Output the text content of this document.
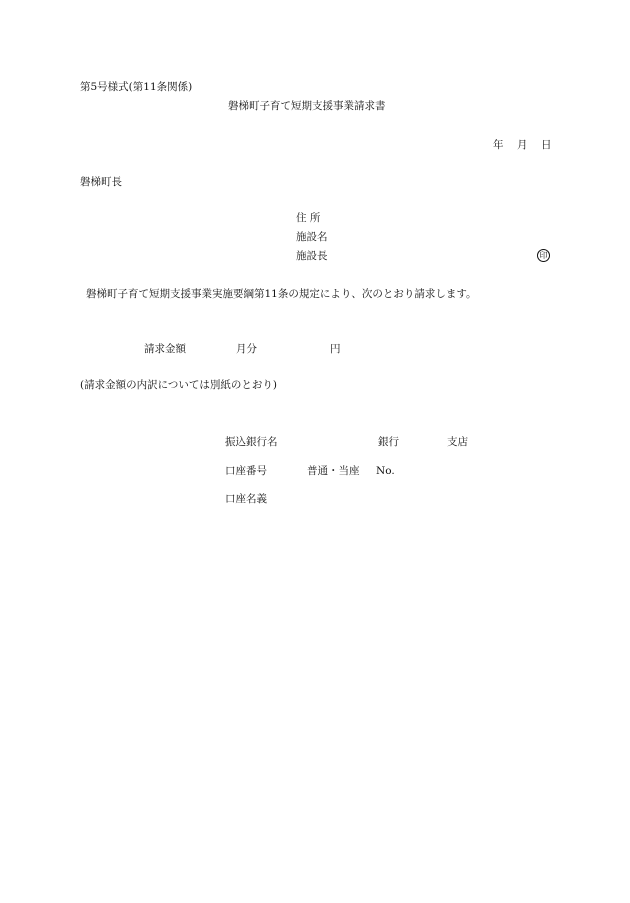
第5号様式(第11条関係)
磐梯町子育て短期支援事業請求書
年 月 日
磐梯町長
住 所
施設名
施設長	印
磐梯町子育て短期支援事業実施要綱第11条の規定により、次のとおり請求します。
請求金額	月分	円
(請求金額の内訳については別紙のとおり)
振込銀行名	銀行	支店
口座番号	普通・当座 No.
口座名義
